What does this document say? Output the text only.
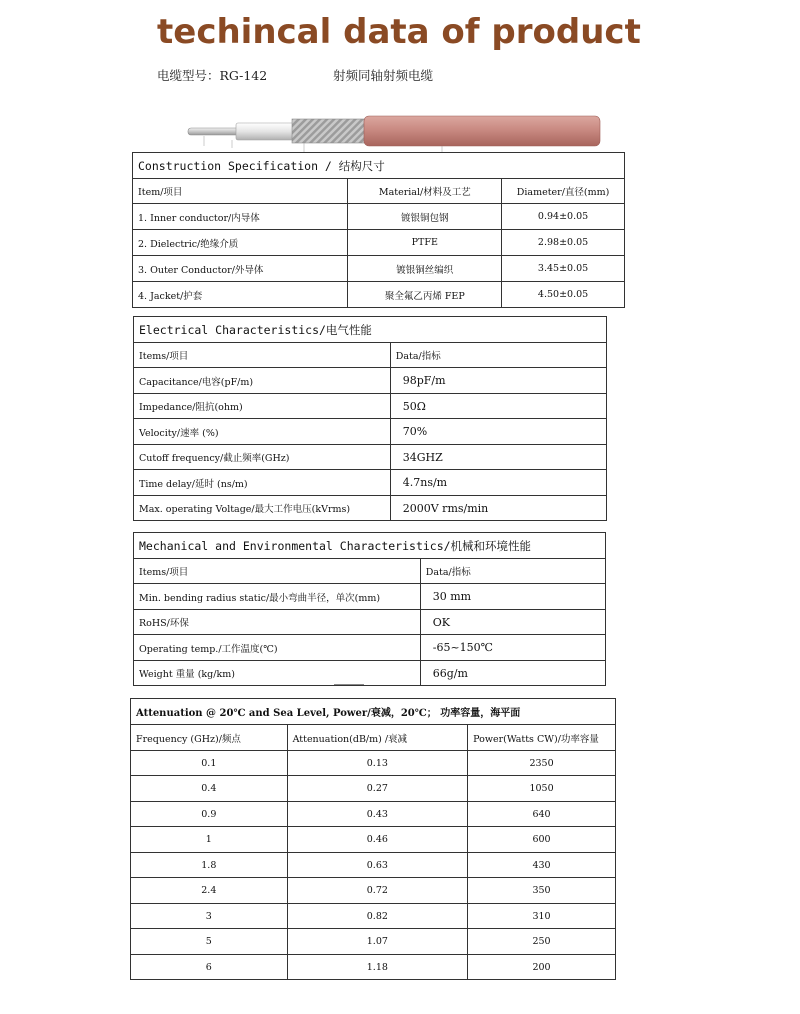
techincal data of product
电缆型号：RG-142	射频同轴射频电缆
Construction Specification / 结构尺寸		
Item/项目	Material/材料及工艺	Diameter/直径(mm)
1. Inner conductor/内导体	镀银铜包钢	0.94±0.05
2. Dielectric/绝缘介质	PTFE	2.98±0.05
3. Outer Conductor/外导体	镀银铜丝编织	3.45±0.05
4. Jacket/护套	聚全氟乙丙烯 FEP	4.50±0.05
Electrical Characteristics/电气性能	
Items/项目	Data/指标
Capacitance/电容(pF/m)	98pF/m
Impedance/阻抗(ohm)	50Ω
Velocity/速率 (%)	70%
Cutoff frequency/截止频率(GHz)	34GHZ
Time delay/延时 (ns/m)	4.7ns/m
Max. operating Voltage/最大工作电压(kVrms)	2000V rms/min
Mechanical and Environmental Characteristics/机械和环境性能	
Items/项目	Data/指标
Min. bending radius static/最小弯曲半径，单次(mm)	30 mm
RoHS/环保	OK
Operating temp./工作温度(℃)	-65~150℃
Weight 重量 (kg/km)	66g/m
Attenuation @ 20℃ and Sea Level, Power/衰减，20℃； 功率容量，海平面		
Frequency (GHz)/频点	Attenuation(dB/m) /衰减	Power(Watts CW)/功率容量
0.1	0.13	2350
0.4	0.27	1050
0.9	0.43	640
1	0.46	600
1.8	0.63	430
2.4	0.72	350
3	0.82	310
5	1.07	250
6	1.18	200
